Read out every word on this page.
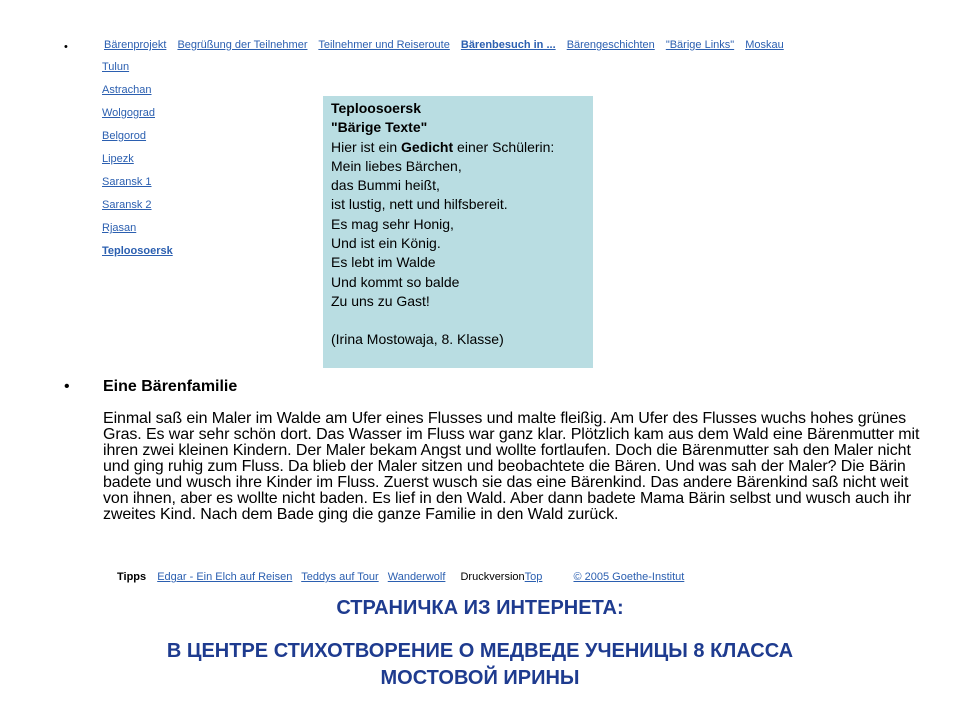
•
•
Bärenprojekt Begrüßung der Teilnehmer Teilnehmer und Reiseroute Bärenbesuch in ... Bärengeschichten "Bärige Links" Moskau
Tulun
Astrachan
Wolgograd
Belgorod
Lipezk
Saransk 1
Saransk 2
Rjasan
Teploosoersk
Teploosoersk
"Bärige Texte"
Hier ist ein Gedicht einer Schülerin:
Mein liebes Bärchen,
das Bummi heißt,
ist lustig, nett und hilfsbereit.
Es mag sehr Honig,
Und ist ein König.
Es lebt im Walde
Und kommt so balde
Zu uns zu Gast!
(Irina Mostowaja, 8. Klasse)
Eine Bärenfamilie

Einmal saß ein Maler im Walde am Ufer eines Flusses und malte fleißig. Am Ufer des Flusses wuchs hohes grünes Gras. Es war sehr schön dort. Das Wasser im Fluss war ganz klar. Plötzlich kam aus dem Wald eine Bärenmutter mit ihren zwei kleinen Kindern. Der Maler bekam Angst und wollte fortlaufen. Doch die Bärenmutter sah den Maler nicht und ging ruhig zum Fluss. Da blieb der Maler sitzen und beobachtete die Bären. Und was sah der Maler? Die Bärin badete und wusch ihre Kinder im Fluss. Zuerst wusch sie das eine Bärenkind. Das andere Bärenkind saß nicht weit von ihnen, aber es wollte nicht baden. Es lief in den Wald. Aber dann badete Mama Bärin selbst und wusch auch ihr zweites Kind. Nach dem Bade ging die ganze Familie in den Wald zurück.

Tipps Edgar - Ein Elch auf Reisen Teddys auf Tour Wanderwolf DruckversionTop	© 2005 Goethe-Institut
СТРАНИЧКА ИЗ ИНТЕРНЕТА:
В ЦЕНТРЕ СТИХОТВОРЕНИЕ О МЕДВЕДЕ УЧЕНИЦЫ 8 КЛАССА
МОСТОВОЙ ИРИНЫ
